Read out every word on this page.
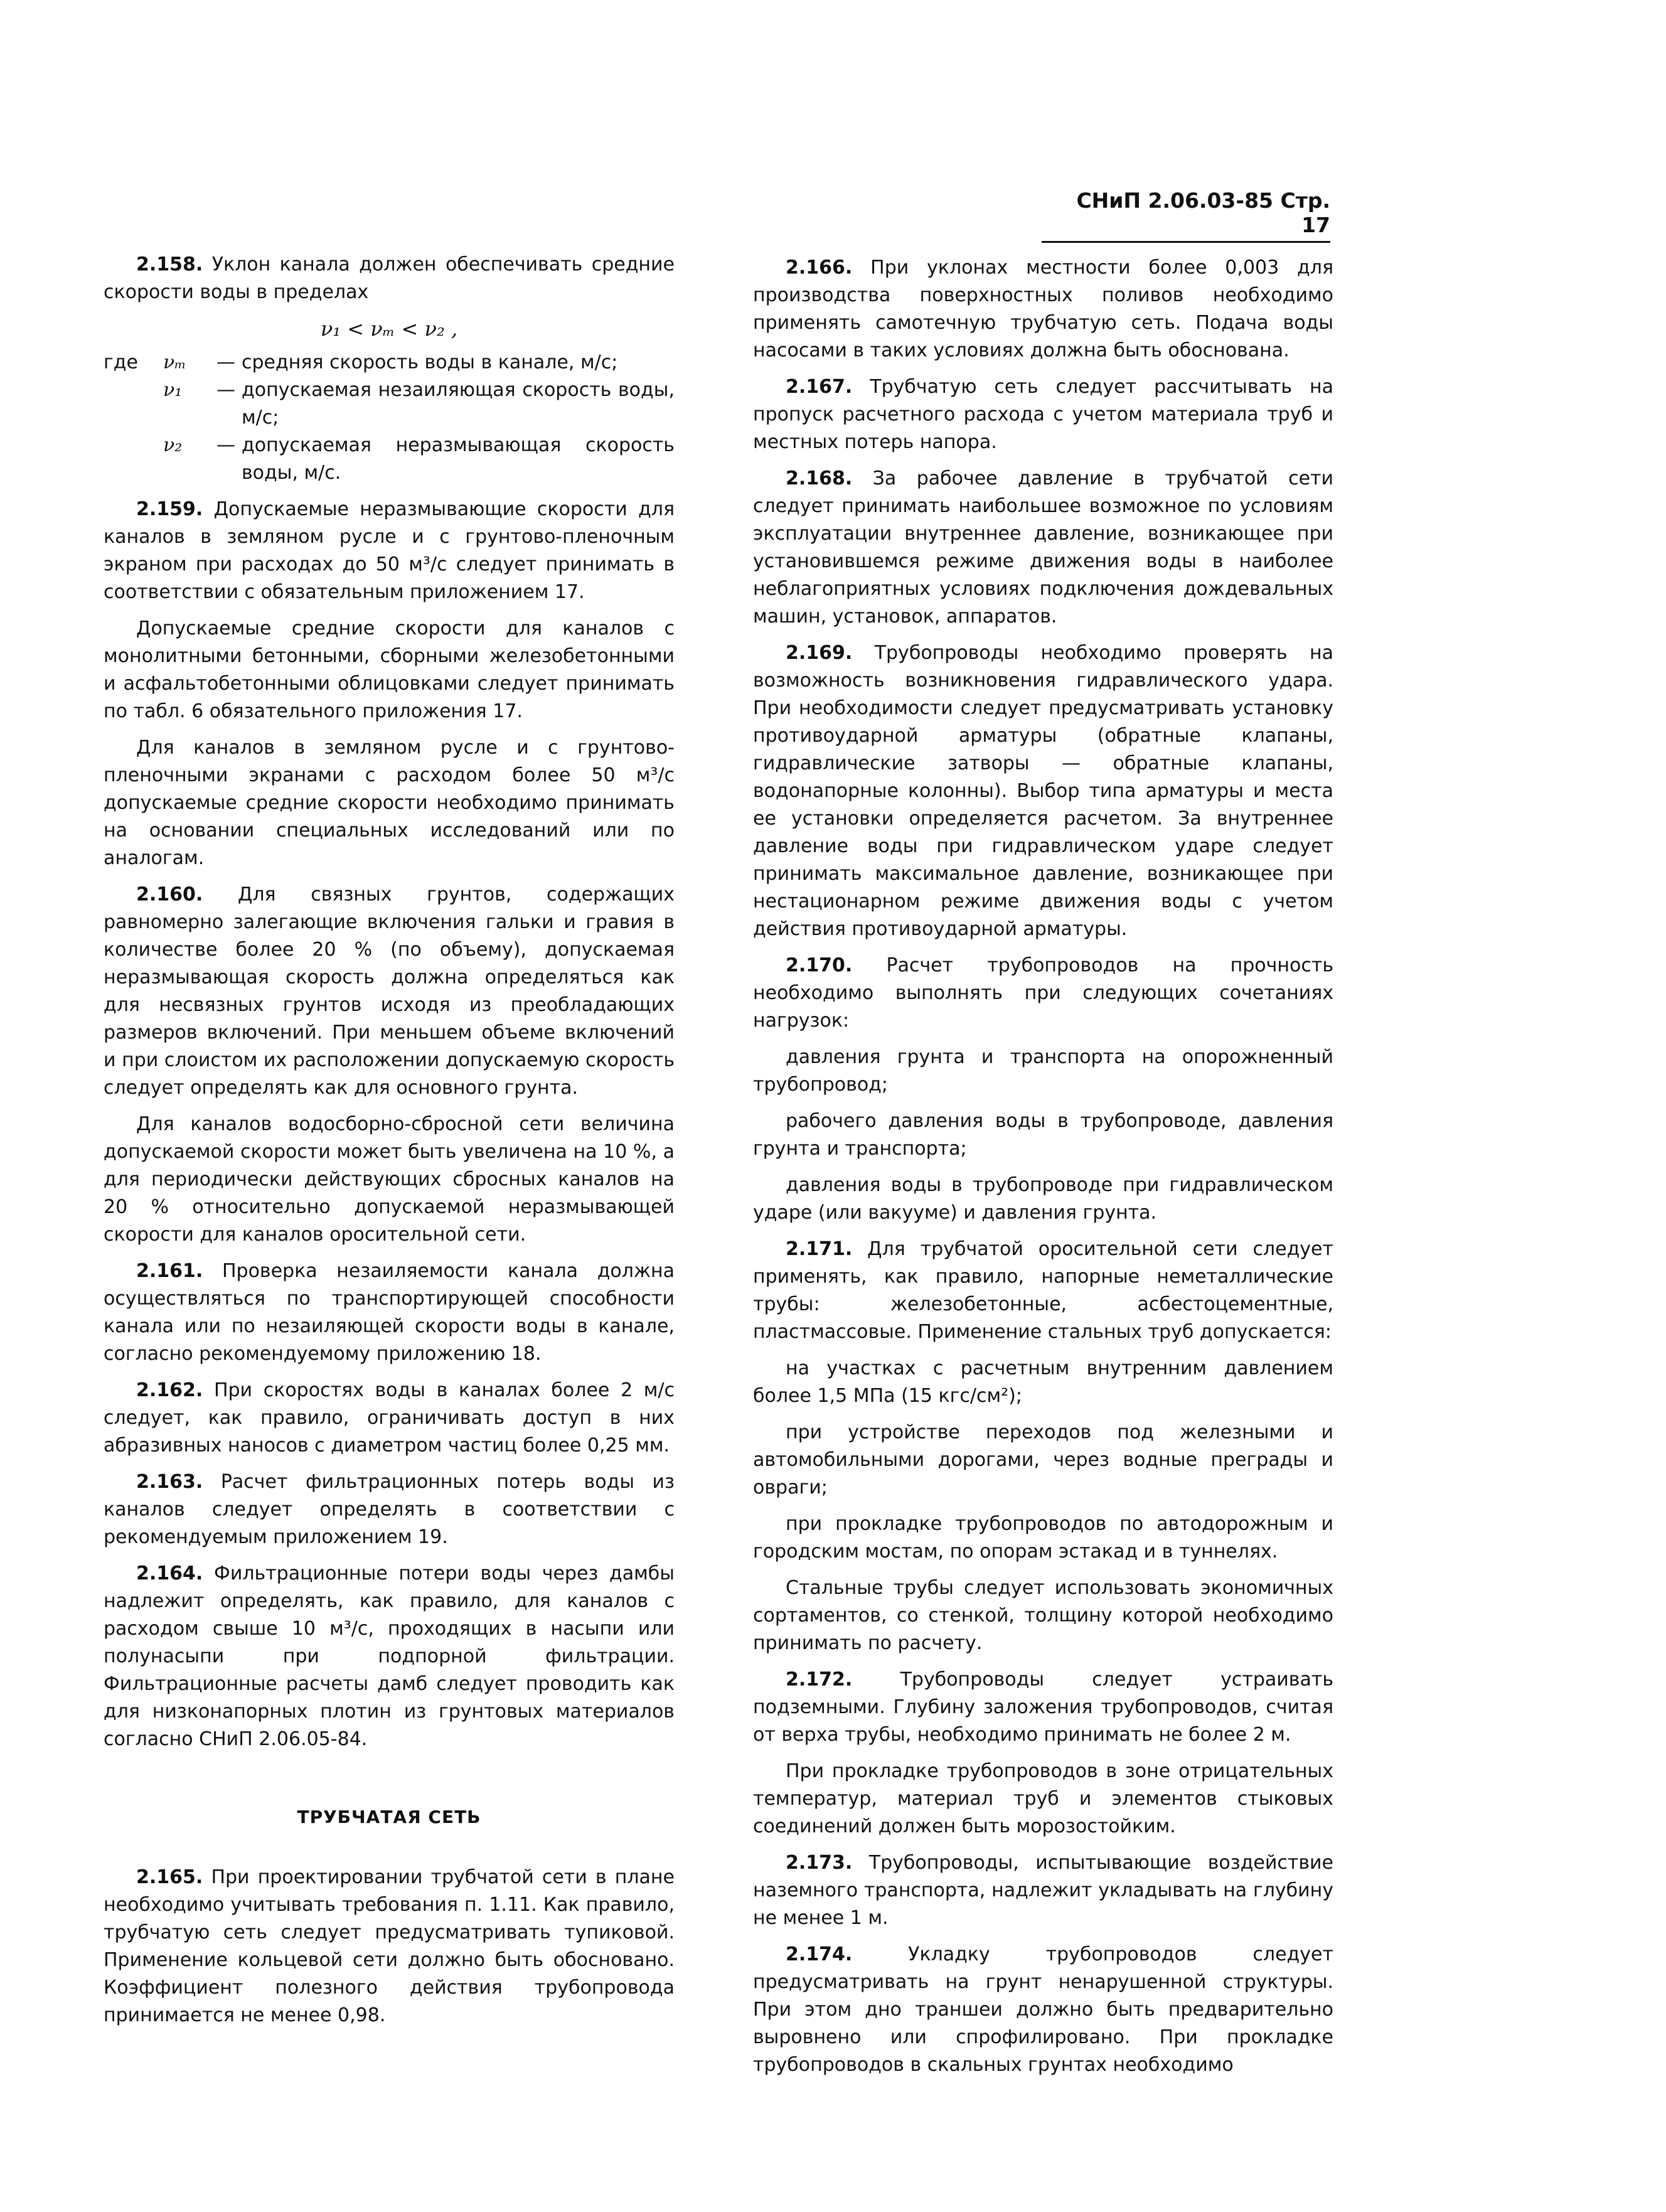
СНиП 2.06.03-85 Стр. 17

2.158. Уклон канала должен обеспечивать средние скорости воды в пределах

ν₁ < νₘ < ν₂ ,
где νₘ	— средняя скорость воды в канале, м/с;
ν₁	— допускаемая незаиляющая скорость воды, м/с;
ν₂	— допускаемая неразмывающая скорость воды, м/с.

2.159. Допускаемые неразмывающие скорости для каналов в земляном русле и с грунтово-пленочным экраном при расходах до 50 м³/с следует принимать в соответствии с обязательным приложением 17.

Допускаемые средние скорости для каналов с монолитными бетонными, сборными железобетонными и асфальтобетонными облицовками следует принимать по табл. 6 обязательного приложения 17.

Для каналов в земляном русле и с грунтово-пленочными экранами с расходом более 50 м³/с допускаемые средние скорости необходимо принимать на основании специальных исследований или по аналогам.

2.160. Для связных грунтов, содержащих равномерно залегающие включения гальки и гравия в количестве более 20 % (по объему), допускаемая неразмывающая скорость должна определяться как для несвязных грунтов исходя из преобладающих размеров включений. При меньшем объеме включений и при слоистом их расположении допускаемую скорость следует определять как для основного грунта.

Для каналов водосборно-сбросной сети величина допускаемой скорости может быть увеличена на 10 %, а для периодически действующих сбросных каналов на 20 % относительно допускаемой неразмывающей скорости для каналов оросительной сети.

2.161. Проверка незаиляемости канала должна осуществляться по транспортирующей способности канала или по незаиляющей скорости воды в канале, согласно рекомендуемому приложению 18.

2.162. При скоростях воды в каналах более 2 м/с следует, как правило, ограничивать доступ в них абразивных наносов с диаметром частиц более 0,25 мм.

2.163. Расчет фильтрационных потерь воды из каналов следует определять в соответствии с рекомендуемым приложением 19.

2.164. Фильтрационные потери воды через дамбы надлежит определять, как правило, для каналов с расходом свыше 10 м³/с, проходящих в насыпи или полунасыпи при подпорной фильтрации. Фильтрационные расчеты дамб следует проводить как для низконапорных плотин из грунтовых материалов согласно СНиП 2.06.05-84.

ТРУБЧАТАЯ СЕТЬ

2.165. При проектировании трубчатой сети в плане необходимо учитывать требования п. 1.11. Как правило, трубчатую сеть следует предусматривать тупиковой. Применение кольцевой сети должно быть обосновано. Коэффициент полезного действия трубопровода принимается не менее 0,98.

2.166. При уклонах местности более 0,003 для производства поверхностных поливов необходимо применять самотечную трубчатую сеть. Подача воды насосами в таких условиях должна быть обоснована.

2.167. Трубчатую сеть следует рассчитывать на пропуск расчетного расхода с учетом материала труб и местных потерь напора.

2.168. За рабочее давление в трубчатой сети следует принимать наибольшее возможное по условиям эксплуатации внутреннее давление, возникающее при установившемся режиме движения воды в наиболее неблагоприятных условиях подключения дождевальных машин, установок, аппаратов.

2.169. Трубопроводы необходимо проверять на возможность возникновения гидравлического удара. При необходимости следует предусматривать установку противоударной арматуры (обратные клапаны, гидравлические затворы — обратные клапаны, водонапорные колонны). Выбор типа арматуры и места ее установки определяется расчетом. За внутреннее давление воды при гидравлическом ударе следует принимать максимальное давление, возникающее при нестационарном режиме движения воды с учетом действия противоударной арматуры.

2.170. Расчет трубопроводов на прочность необходимо выполнять при следующих сочетаниях нагрузок:

давления грунта и транспорта на опорожненный трубопровод;

рабочего давления воды в трубопроводе, давления грунта и транспорта;

давления воды в трубопроводе при гидравлическом ударе (или вакууме) и давления грунта.

2.171. Для трубчатой оросительной сети следует применять, как правило, напорные неметаллические трубы: железобетонные, асбестоцементные, пластмассовые. Применение стальных труб допускается:

на участках с расчетным внутренним давлением более 1,5 МПа (15 кгс/см²);

при устройстве переходов под железными и автомобильными дорогами, через водные преграды и овраги;

при прокладке трубопроводов по автодорожным и городским мостам, по опорам эстакад и в туннелях.

Стальные трубы следует использовать экономичных сортаментов, со стенкой, толщину которой необходимо принимать по расчету.

2.172. Трубопроводы следует устраивать подземными. Глубину заложения трубопроводов, считая от верха трубы, необходимо принимать не более 2 м.

При прокладке трубопроводов в зоне отрицательных температур, материал труб и элементов стыковых соединений должен быть морозостойким.

2.173. Трубопроводы, испытывающие воздействие наземного транспорта, надлежит укладывать на глубину не менее 1 м.

2.174. Укладку трубопроводов следует предусматривать на грунт ненарушенной структуры. При этом дно траншеи должно быть предварительно выровнено или спрофилировано. При прокладке трубопроводов в скальных грунтах необходимо
